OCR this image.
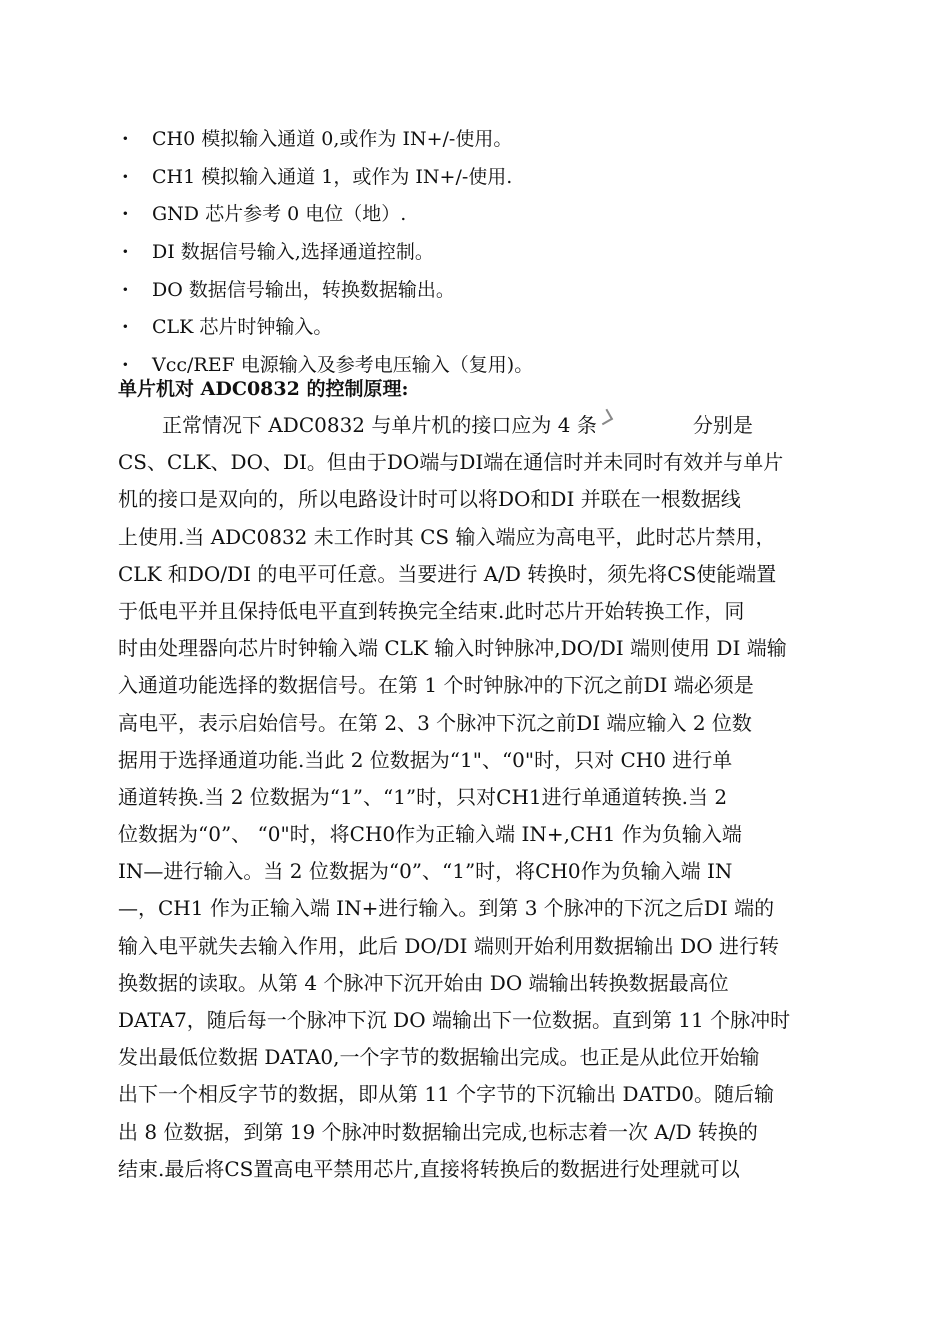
· CH0 模拟输入通道 0,或作为 IN+/-使用。
· CH1 模拟输入通道 1，或作为 IN+/-使用.
· GND 芯片参考 0 电位（地）.
· DI 数据信号输入,选择通道控制。
· DO 数据信号输出，转换数据输出。
· CLK 芯片时钟输入。
· Vcc/REF 电源输入及参考电压输入（复用)。
单片机对 ADC0832 的控制原理:
正常情况下 ADC0832 与单片机的接口应为 4 条	分别是
CS、CLK、DO、DI。但由于DO端与DI端在通信时并未同时有效并与单片
机的接口是双向的，所以电路设计时可以将DO和DI 并联在一根数据线
上使用.当 ADC0832 未工作时其 CS 输入端应为高电平，此时芯片禁用，
CLK 和DO/DI 的电平可任意。当要进行 A/D 转换时，须先将CS使能端置
于低电平并且保持低电平直到转换完全结束.此时芯片开始转换工作，同
时由处理器向芯片时钟输入端 CLK 输入时钟脉冲,DO/DI 端则使用 DI 端输
入通道功能选择的数据信号。在第 1 个时钟脉冲的下沉之前DI 端必须是
高电平，表示启始信号。在第 2、3 个脉冲下沉之前DI 端应输入 2 位数
据用于选择通道功能.当此 2 位数据为“1"、“0"时，只对 CH0 进行单
通道转换.当 2 位数据为“1”、“1”时，只对CH1进行单通道转换.当 2
位数据为“0”、 “0"时，将CH0作为正输入端 IN+,CH1 作为负输入端
IN—进行输入。当 2 位数据为“0”、“1”时，将CH0作为负输入端 IN
—，CH1 作为正输入端 IN+进行输入。到第 3 个脉冲的下沉之后DI 端的
输入电平就失去输入作用，此后 DO/DI 端则开始利用数据输出 DO 进行转
换数据的读取。从第 4 个脉冲下沉开始由 DO 端输出转换数据最高位
DATA7，随后每一个脉冲下沉 DO 端输出下一位数据。直到第 11 个脉冲时
发出最低位数据 DATA0,一个字节的数据输出完成。也正是从此位开始输
出下一个相反字节的数据，即从第 11 个字节的下沉输出 DATD0。随后输
出 8 位数据，到第 19 个脉冲时数据输出完成,也标志着一次 A/D 转换的
结束.最后将CS置高电平禁用芯片,直接将转换后的数据进行处理就可以
